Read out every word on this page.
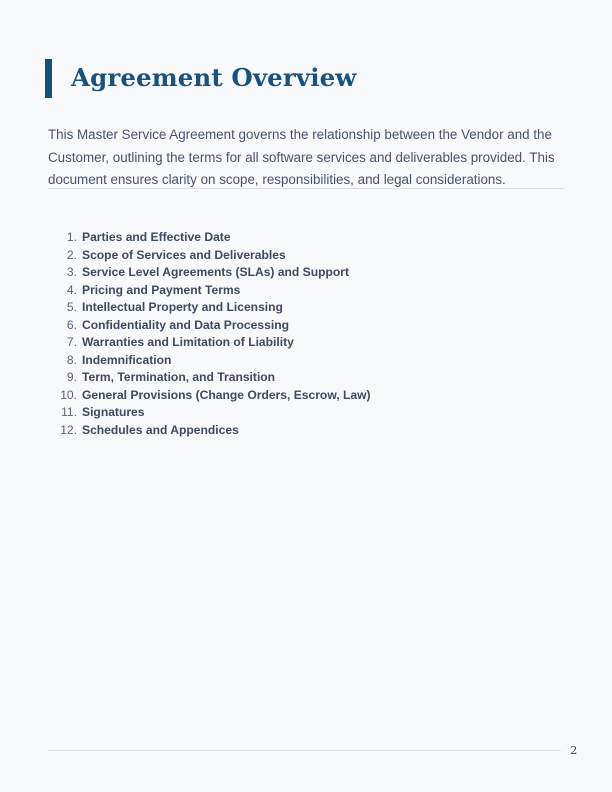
Agreement Overview

This Master Service Agreement governs the relationship between the Vendor and the Customer, outlining the terms for all software services and deliverables provided. This document ensures clarity on scope, responsibilities, and legal considerations.

1. Parties and Effective Date
2. Scope of Services and Deliverables
3. Service Level Agreements (SLAs) and Support
4. Pricing and Payment Terms
5. Intellectual Property and Licensing
6. Confidentiality and Data Processing
7. Warranties and Limitation of Liability
8. Indemnification
9. Term, Termination, and Transition
10. General Provisions (Change Orders, Escrow, Law)
11. Signatures
12. Schedules and Appendices
2
